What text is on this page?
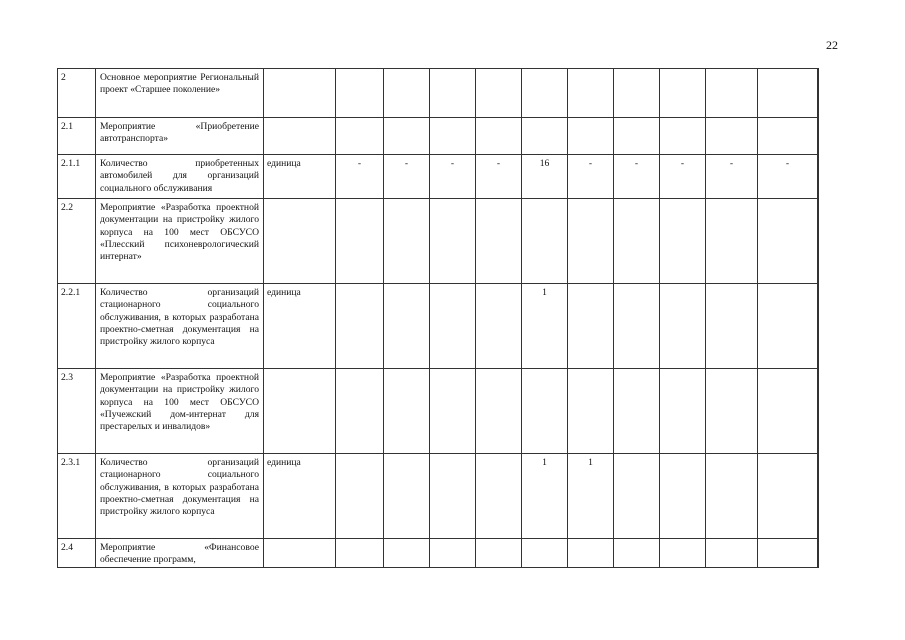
22
2	Основное мероприятие Региональный проект «Старшее поколение»												
2.1	Мероприятие «Приобретение автотранспорта»												
2.1.1	Количество приобретенных автомобилей для организаций социального обслуживания	единица	-	-	-	-	16	-	-	-	-	-	
2.2	Мероприятие «Разработка проектной документации на пристройку жилого корпуса на 100 мест ОБСУСО «Плесский психоневрологический интернат»												
2.2.1	Количество организаций стационарного социального обслуживания, в которых разработана проектно-сметная документация на пристройку жилого корпуса	единица					1						
2.3	Мероприятие «Разработка проектной документации на пристройку жилого корпуса на 100 мест ОБСУСО «Пучежский дом-интернат для престарелых и инвалидов»												
2.3.1	Количество организаций стационарного социального обслуживания, в которых разработана проектно-сметная документация на пристройку жилого корпуса	единица					1	1					
2.4	Мероприятие «Финансовое обеспечение программ,												
